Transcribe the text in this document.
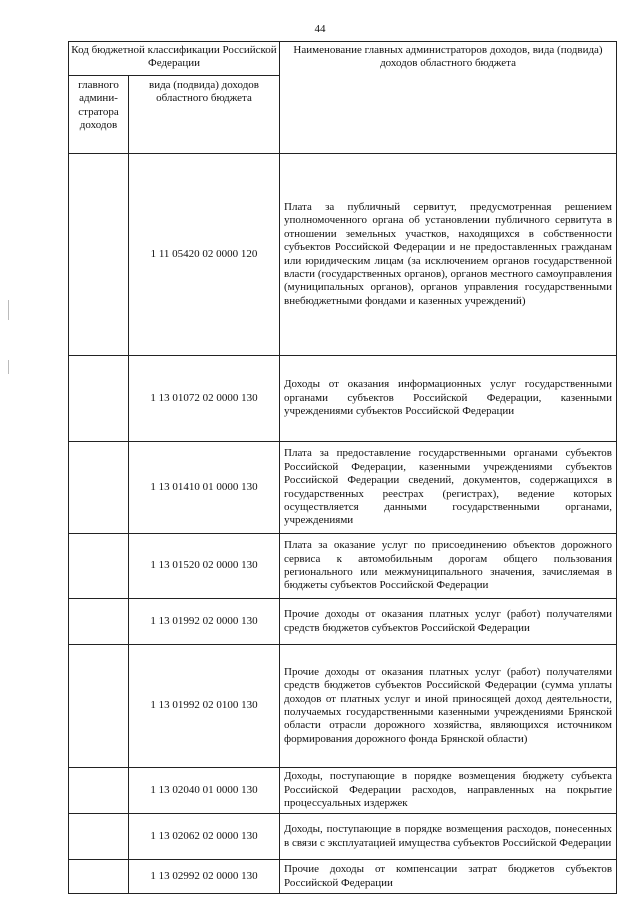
44
Код бюджетной классификации Российской Федерации		Наименование главных администраторов доходов, вида (подвида) доходов областного бюджета
главного админи-стратора доходов	вида (подвида) доходов областного бюджета	
	1 11 05420 02 0000 120	Плата за публичный сервитут, предусмотренная решением уполномоченного органа об установлении публичного сервитута в отношении земельных участков, находящихся в собственности субъектов Российской Федерации и не предоставленных гражданам или юридическим лицам (за исключением органов государственной власти (государственных органов), органов местного самоуправления (муниципальных органов), органов управления государственными внебюджетными фондами и казенных учреждений)
	1 13 01072 02 0000 130	Доходы от оказания информационных услуг государственными органами субъектов Российской Федерации, казенными учреждениями субъектов Российской Федерации
	1 13 01410 01 0000 130	Плата за предоставление государственными органами субъектов Российской Федерации, казенными учреждениями субъектов Российской Федерации сведений, документов, содержащихся в государственных реестрах (регистрах), ведение которых осуществляется данными государственными органами, учреждениями
	1 13 01520 02 0000 130	Плата за оказание услуг по присоединению объектов дорожного сервиса к автомобильным дорогам общего пользования регионального или межмуниципального значения, зачисляемая в бюджеты субъектов Российской Федерации
	1 13 01992 02 0000 130	Прочие доходы от оказания платных услуг (работ) получателями средств бюджетов субъектов Российской Федерации
	1 13 01992 02 0100 130	Прочие доходы от оказания платных услуг (работ) получателями средств бюджетов субъектов Российской Федерации (сумма уплаты доходов от платных услуг и иной приносящей доход деятельности, получаемых государственными казенными учреждениями Брянской области отрасли дорожного хозяйства, являющихся источником формирования дорожного фонда Брянской области)
	1 13 02040 01 0000 130	Доходы, поступающие в порядке возмещения бюджету субъекта Российской Федерации расходов, направленных на покрытие процессуальных издержек
	1 13 02062 02 0000 130	Доходы, поступающие в порядке возмещения расходов, понесенных в связи с эксплуатацией имущества субъектов Российской Федерации
	1 13 02992 02 0000 130	Прочие доходы от компенсации затрат бюджетов субъектов Российской Федерации
